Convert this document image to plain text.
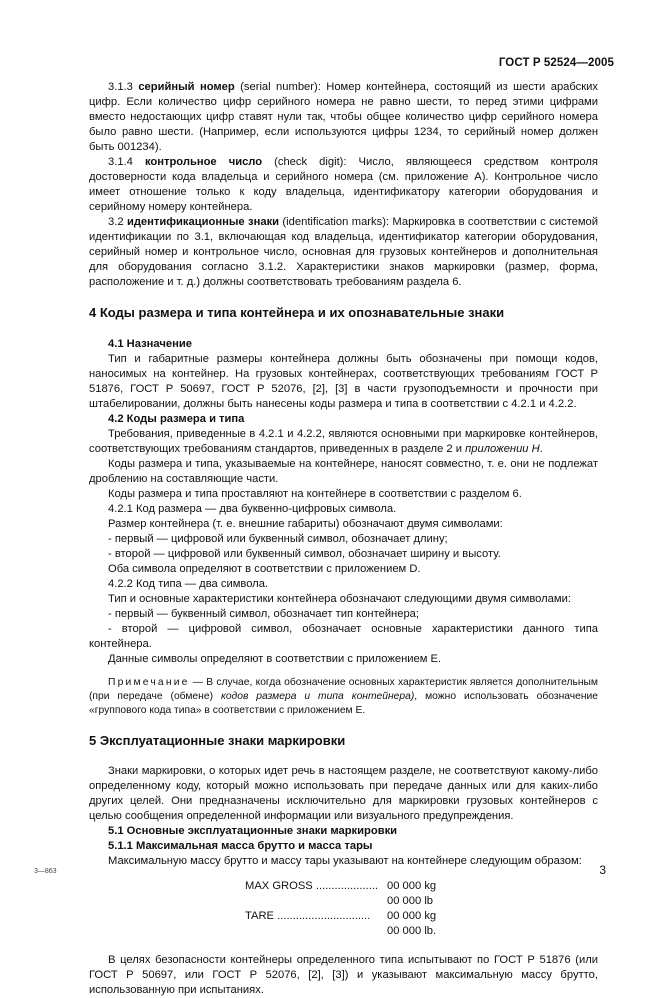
ГОСТ Р 52524—2005

3.1.3 серийный номер (serial number): Номер контейнера, состоящий из шести арабских цифр. Если количество цифр серийного номера не равно шести, то перед этими цифрами вместо недостающих цифр ставят нули так, чтобы общее количество цифр серийного номера было равно шести. (Например, если используются цифры 1234, то серийный номер должен быть 001234).

3.1.4 контрольное число (check digit): Число, являющееся средством контроля достоверности кода владельца и серийного номера (см. приложение А). Контрольное число имеет отношение только к коду владельца, идентификатору категории оборудования и серийному номеру контейнера.

3.2 идентификационные знаки (identification marks): Маркировка в соответствии с системой идентификации по 3.1, включающая код владельца, идентификатор категории оборудования, серийный номер и контрольное число, основная для грузовых контейнеров и дополнительная для оборудования согласно 3.1.2. Характеристики знаков маркировки (размер, форма, расположение и т. д.) должны соответствовать требованиям раздела 6.

4 Коды размера и типа контейнера и их опознавательные знаки

4.1 Назначение

Тип и габаритные размеры контейнера должны быть обозначены при помощи кодов, наносимых на контейнер. На грузовых контейнерах, соответствующих требованиям ГОСТ Р 51876, ГОСТ Р 50697, ГОСТ Р 52076, [2], [3] в части грузоподъемности и прочности при штабелировании, должны быть нанесены коды размера и типа в соответствии с 4.2.1 и 4.2.2.

4.2 Коды размера и типа

Требования, приведенные в 4.2.1 и 4.2.2, являются основными при маркировке контейнеров, соответствующих требованиям стандартов, приведенных в разделе 2 и приложении Н.

Коды размера и типа, указываемые на контейнере, наносят совместно, т. е. они не подлежат дроблению на составляющие части.

Коды размера и типа проставляют на контейнере в соответствии с разделом 6.

4.2.1 Код размера — два буквенно-цифровых символа.

Размер контейнера (т. е. внешние габариты) обозначают двумя символами:

- первый — цифровой или буквенный символ, обозначает длину;

- второй — цифровой или буквенный символ, обозначает ширину и высоту.

Оба символа определяют в соответствии с приложением D.

4.2.2 Код типа — два символа.

Тип и основные характеристики контейнера обозначают следующими двумя символами:

- первый — буквенный символ, обозначает тип контейнера;

- второй — цифровой символ, обозначает основные характеристики данного типа контейнера.

Данные символы определяют в соответствии с приложением Е.

Примечание — В случае, когда обозначение основных характеристик является дополнительным (при передаче (обмене) кодов размера и типа контейнера), можно использовать обозначение «группового кода типа» в соответствии с приложением Е.

5 Эксплуатационные знаки маркировки

Знаки маркировки, о которых идет речь в настоящем разделе, не соответствуют какому-либо определенному коду, который можно использовать при передаче данных или для каких-либо других целей. Они предназначены исключительно для маркировки грузовых контейнеров с целью сообщения определенной информации или визуального предупреждения.

5.1 Основные эксплуатационные знаки маркировки

5.1.1 Максимальная масса брутто и масса тары

Максимальную массу брутто и массу тары указывают на контейнере следующим образом:

MAX GROSS .................... 00 000 kg
00 000 lb
TARE .............................. 00 000 kg
00 000 lb.

В целях безопасности контейнеры определенного типа испытывают по ГОСТ Р 51876 (или ГОСТ Р 50697, или ГОСТ Р 52076, [2], [3]) и указывают максимальную массу брутто, использованную при испытаниях.

3—863	3
